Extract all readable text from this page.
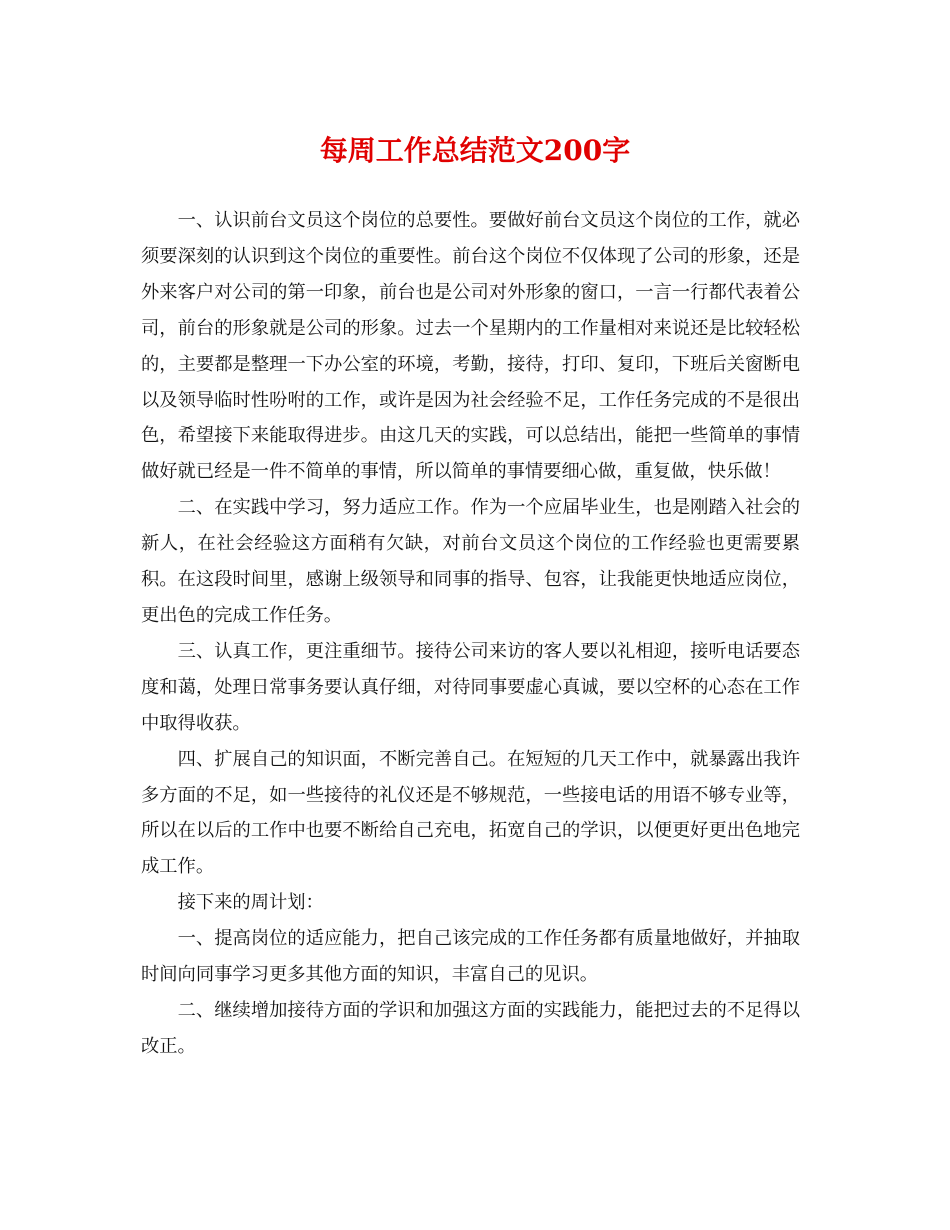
每周工作总结范文200字

一、认识前台文员这个岗位的总要性。要做好前台文员这个岗位的工作，就必须要深刻的认识到这个岗位的重要性。前台这个岗位不仅体现了公司的形象，还是外来客户对公司的第一印象，前台也是公司对外形象的窗口，一言一行都代表着公司，前台的形象就是公司的形象。过去一个星期内的工作量相对来说还是比较轻松的，主要都是整理一下办公室的环境，考勤，接待，打印、复印，下班后关窗断电以及领导临时性吩咐的工作，或许是因为社会经验不足，工作任务完成的不是很出色，希望接下来能取得进步。由这几天的实践，可以总结出，能把一些简单的事情做好就已经是一件不简单的事情，所以简单的事情要细心做，重复做，快乐做！

二、在实践中学习，努力适应工作。作为一个应届毕业生，也是刚踏入社会的新人，在社会经验这方面稍有欠缺，对前台文员这个岗位的工作经验也更需要累积。在这段时间里，感谢上级领导和同事的指导、包容，让我能更快地适应岗位，更出色的完成工作任务。

三、认真工作，更注重细节。接待公司来访的客人要以礼相迎，接听电话要态度和蔼，处理日常事务要认真仔细，对待同事要虚心真诚，要以空杯的心态在工作中取得收获。

四、扩展自己的知识面，不断完善自己。在短短的几天工作中，就暴露出我许多方面的不足，如一些接待的礼仪还是不够规范，一些接电话的用语不够专业等，所以在以后的工作中也要不断给自己充电，拓宽自己的学识，以便更好更出色地完成工作。

接下来的周计划：

一、提高岗位的适应能力，把自己该完成的工作任务都有质量地做好，并抽取时间向同事学习更多其他方面的知识，丰富自己的见识。

二、继续增加接待方面的学识和加强这方面的实践能力，能把过去的不足得以改正。
